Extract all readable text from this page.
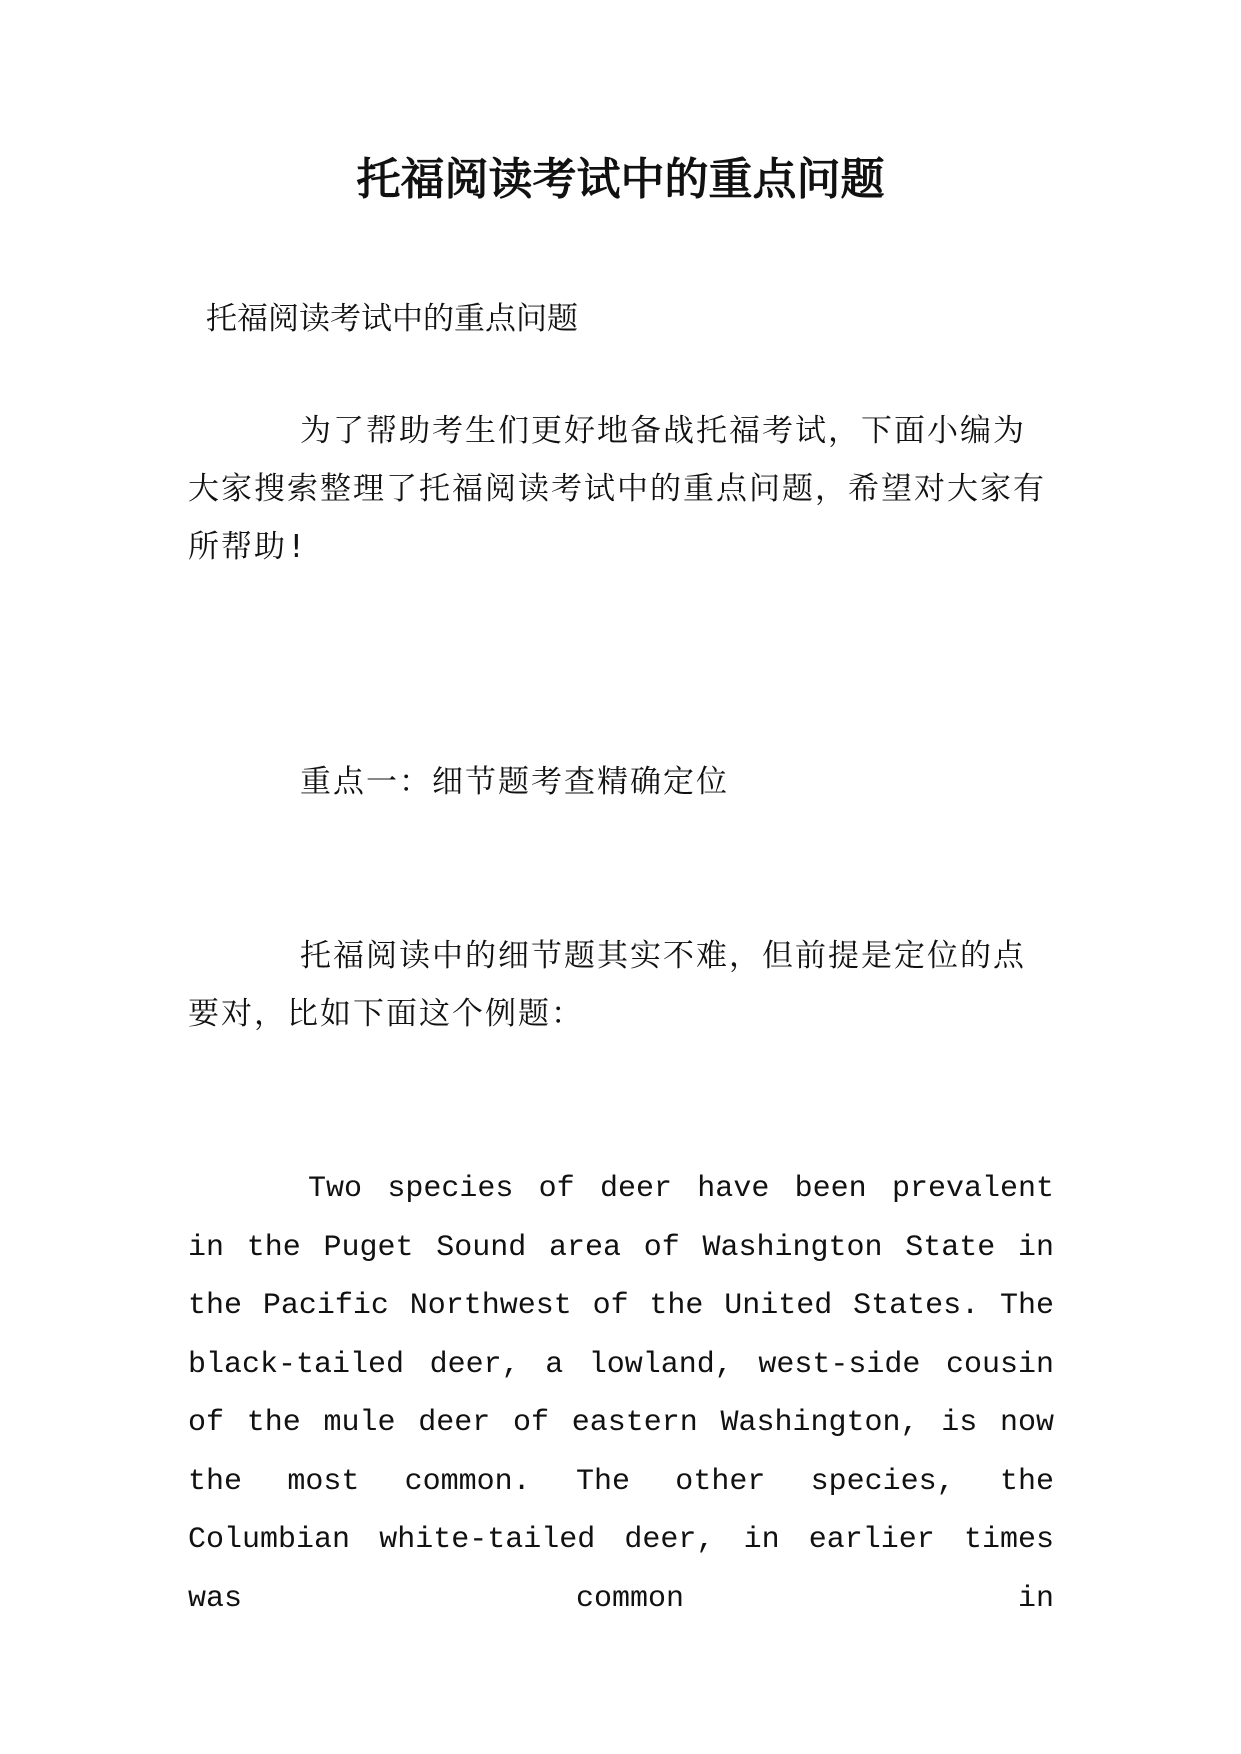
托福阅读考试中的重点问题

托福阅读考试中的重点问题

为了帮助考生们更好地备战托福考试，下面小编为大家搜索整理了托福阅读考试中的重点问题，希望对大家有所帮助!

重点一：细节题考查精确定位

托福阅读中的细节题其实不难，但前提是定位的点要对，比如下面这个例题：

Two species of deer have been prevalent in the Puget Sound area of Washington State in the Pacific Northwest of the United States. The black-tailed deer, a lowland, west-side cousin of the mule deer of eastern Washington, is now the most common. The other species, the Columbian white-tailed deer, in earlier times was common in
